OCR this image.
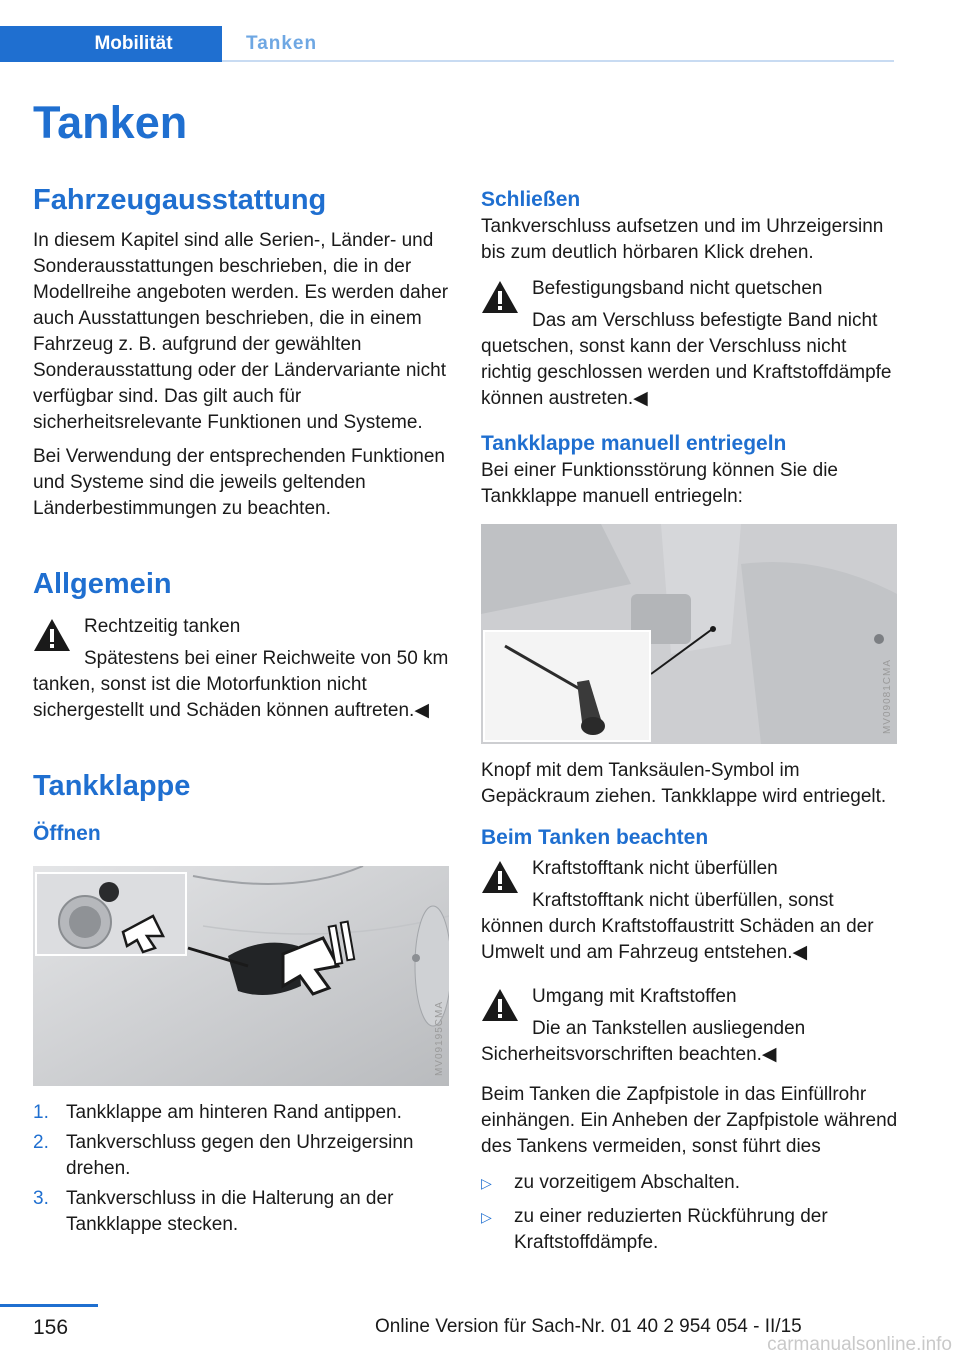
Mobilität	Tanken
Tanken
Fahrzeugausstattung

In diesem Kapitel sind alle Serien-, Länder- und Sonderausstattungen beschrieben, die in der Modellreihe angeboten werden. Es werden daher auch Ausstattungen beschrieben, die in einem Fahrzeug z. B. aufgrund der gewählten Sonderausstattung oder der Ländervariante nicht verfügbar sind. Das gilt auch für sicherheitsrelevante Funktionen und Systeme.

Bei Verwendung der entsprechenden Funktionen und Systeme sind die jeweils geltenden Länderbestimmungen zu beachten.

Allgemein

Rechtzeitig tanken

Spätestens bei einer Reichweite von 50 km tanken, sonst ist die Motorfunktion nicht sichergestellt und Schäden können auftreten.◀

Tankklappe
Öffnen
MV09195CMA
1. Tankklappe am hinteren Rand antippen.
2. Tankverschluss gegen den Uhrzeigersinn drehen.
3. Tankverschluss in die Halterung an der Tankklappe stecken.
Schließen

Tankverschluss aufsetzen und im Uhrzeigersinn bis zum deutlich hörbaren Klick drehen.

Befestigungsband nicht quetschen

Das am Verschluss befestigte Band nicht quetschen, sonst kann der Verschluss nicht richtig geschlossen werden und Kraftstoffdämpfe können austreten.◀

Tankklappe manuell entriegeln

Bei einer Funktionsstörung können Sie die Tankklappe manuell entriegeln:

MV09081CMA

Knopf mit dem Tanksäulen-Symbol im Gepäckraum ziehen. Tankklappe wird entriegelt.

Beim Tanken beachten

Kraftstofftank nicht überfüllen

Kraftstofftank nicht überfüllen, sonst können durch Kraftstoffaustritt Schäden an der Umwelt und am Fahrzeug entstehen.◀

Umgang mit Kraftstoffen

Die an Tankstellen ausliegenden Sicherheitsvorschriften beachten.◀

Beim Tanken die Zapfpistole in das Einfüllrohr einhängen. Ein Anheben der Zapfpistole während des Tankens vermeiden, sonst führt dies

▷ zu vorzeitigem Abschalten.
▷ zu einer reduzierten Rückführung der Kraftstoffdämpfe.
156	Online Version für Sach-Nr. 01 40 2 954 054 - II/15
carmanualsonline.info
